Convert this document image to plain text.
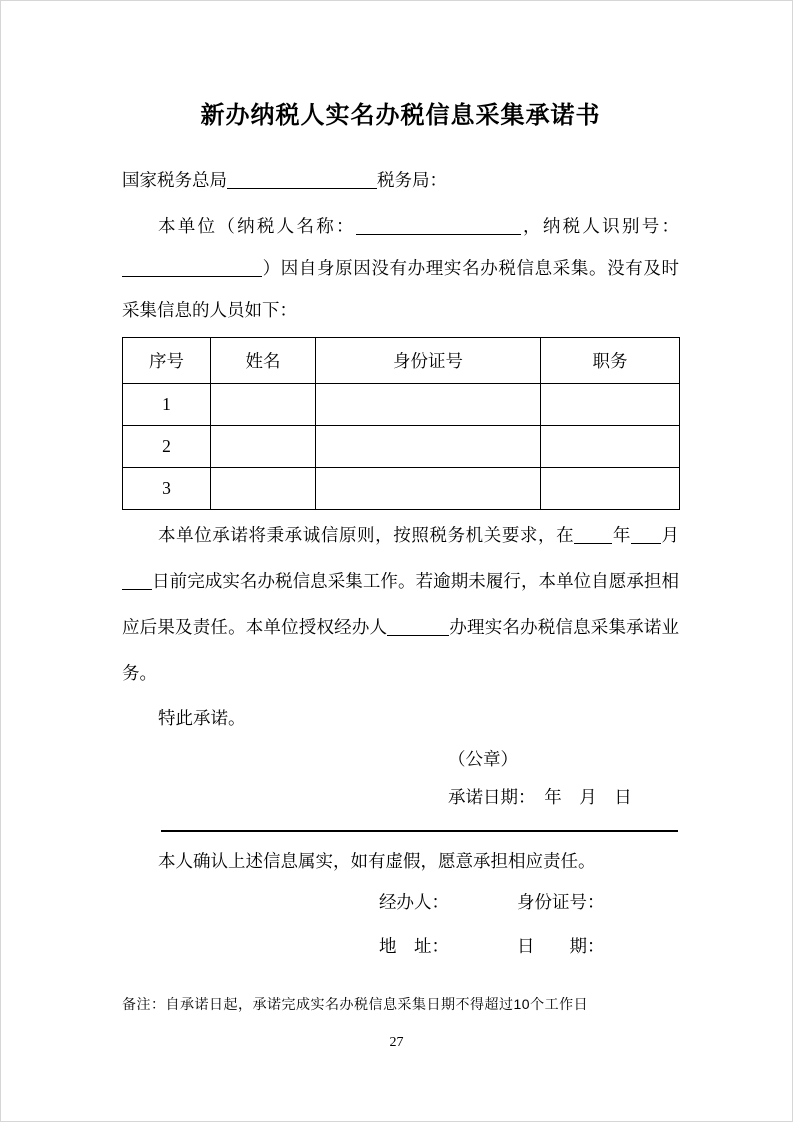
新办纳税人实名办税信息采集承诺书

国家税务总局	税务局：

本单位（纳税人名称：	，纳税人识别号：）因自身原因没有办理实名办税信息采集。没有及时采集信息的人员如下：

序号	姓名	身份证号	职务
1			
2			
3			

本单位承诺将秉承诚信原则，按照税务机关要求，在 年 月日前完成实名办税信息采集工作。若逾期未履行，本单位自愿承担相应后果及责任。本单位授权经办人	办理实名办税信息采集承诺业务。

特此承诺。

（公章）

承诺日期：　年　月　日

本人确认上述信息属实，如有虚假，愿意承担相应责任。

经办人：	身份证号：
地　址：	日　　期：

备注：自承诺日起，承诺完成实名办税信息采集日期不得超过10个工作日

27
